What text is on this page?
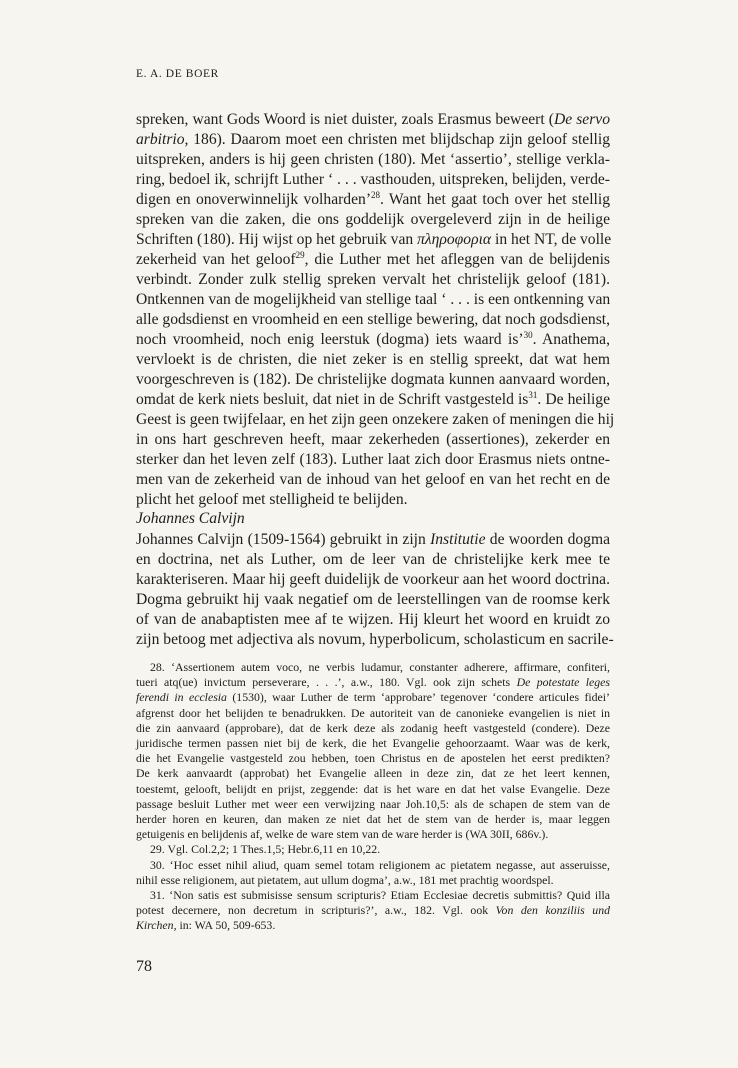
E. A. DE BOER
spreken, want Gods Woord is niet duister, zoals Erasmus beweert (De servo
arbitrio, 186). Daarom moet een christen met blijdschap zijn geloof stellig
uitspreken, anders is hij geen christen (180). Met ‘assertio’, stellige verkla-
ring, bedoel ik, schrijft Luther ‘ . . . vasthouden, uitspreken, belijden, verde-
digen en onoverwinnelijk volharden’$^{28}$. Want het gaat toch over het stellig
spreken van die zaken, die ons goddelijk overgeleverd zijn in de heilige
Schriften (180). Hij wijst op het gebruik van πληροφορια in het NT, de volle
zekerheid van het geloof$^{29}$, die Luther met het afleggen van de belijdenis
verbindt. Zonder zulk stellig spreken vervalt het christelijk geloof (181).
Ontkennen van de mogelijkheid van stellige taal ‘ . . . is een ontkenning van
alle godsdienst en vroomheid en een stellige bewering, dat noch godsdienst,
noch vroomheid, noch enig leerstuk (dogma) iets waard is’$^{30}$. Anathema,
vervloekt is de christen, die niet zeker is en stellig spreekt, dat wat hem
voorgeschreven is (182). De christelijke dogmata kunnen aanvaard worden,
omdat de kerk niets besluit, dat niet in de Schrift vastgesteld $is^{31}$. De heilige
Geest is geen twijfelaar, en het zijn geen onzekere zaken of meningen die hij
in ons hart geschreven heeft, maar zekerheden (assertiones), zekerder en
sterker dan het leven zelf (183). Luther laat zich door Erasmus niets ontne-
men van de zekerheid van de inhoud van het geloof en van het recht en de
plicht het geloof met stelligheid te belijden.
Johannes Calvijn
Johannes Calvijn (1509-1564) gebruikt in zijn Institutie de woorden dogma
en doctrina, net als Luther, om de leer van de christelijke kerk mee te
karakteriseren. Maar hij geeft duidelijk de voorkeur aan het woord doctrina.
Dogma gebruikt hij vaak negatief om de leerstellingen van de roomse kerk
of van de anabaptisten mee af te wijzen. Hij kleurt het woord en kruidt zo
zijn betoog met adjectiva als novum, hyperbolicum, scholasticum en sacrile-
28. ‘Assertionem autem voco, ne verbis ludamur, constanter adherere, affirmare, confiteri,
tueri atq(ue) invictum perseverare, . . .’, a.w., 180. Vgl. ook zijn schets De potestate leges
ferendi in ecclesia (1530), waar Luther de term ‘approbare’ tegenover ‘condere articules fidei’
afgrenst door het belijden te benadrukken. De autoriteit van de canonieke evangelien is niet in
die zin aanvaard (approbare), dat de kerk deze als zodanig heeft vastgesteld (condere). Deze
juridische termen passen niet bij de kerk, die het Evangelie gehoorzaamt. Waar was de kerk,
die het Evangelie vastgesteld zou hebben, toen Christus en de apostelen het eerst predikten?
De kerk aanvaardt (approbat) het Evangelie alleen in deze zin, dat ze het leert kennen,
toestemt, gelooft, belijdt en prijst, zeggende: dat is het ware en dat het valse Evangelie. Deze
passage besluit Luther met weer een verwijzing naar Joh.10,5: als de schapen de stem van de
herder horen en keuren, dan maken ze niet dat het de stem van de herder is, maar leggen
getuigenis en belijdenis af, welke de ware stem van de ware herder is (WA 30II, 686v.).
29. Vgl. Col.2,2; 1 Thes.1,5; Hebr.6,11 en 10,22.
30. ‘Hoc esset nihil aliud, quam semel totam religionem ac pietatem negasse, aut asseruisse,
nihil esse religionem, aut pietatem, aut ullum dogma’, a.w., 181 met prachtig woordspel.
31. ‘Non satis est submisisse sensum scripturis? Etiam Ecclesiae decretis submittis? Quid illa
potest decernere, non decretum in scripturis?’, a.w., 182. Vgl. ook Von den konziliis und
Kirchen, in: WA 50, 509-653.
78
